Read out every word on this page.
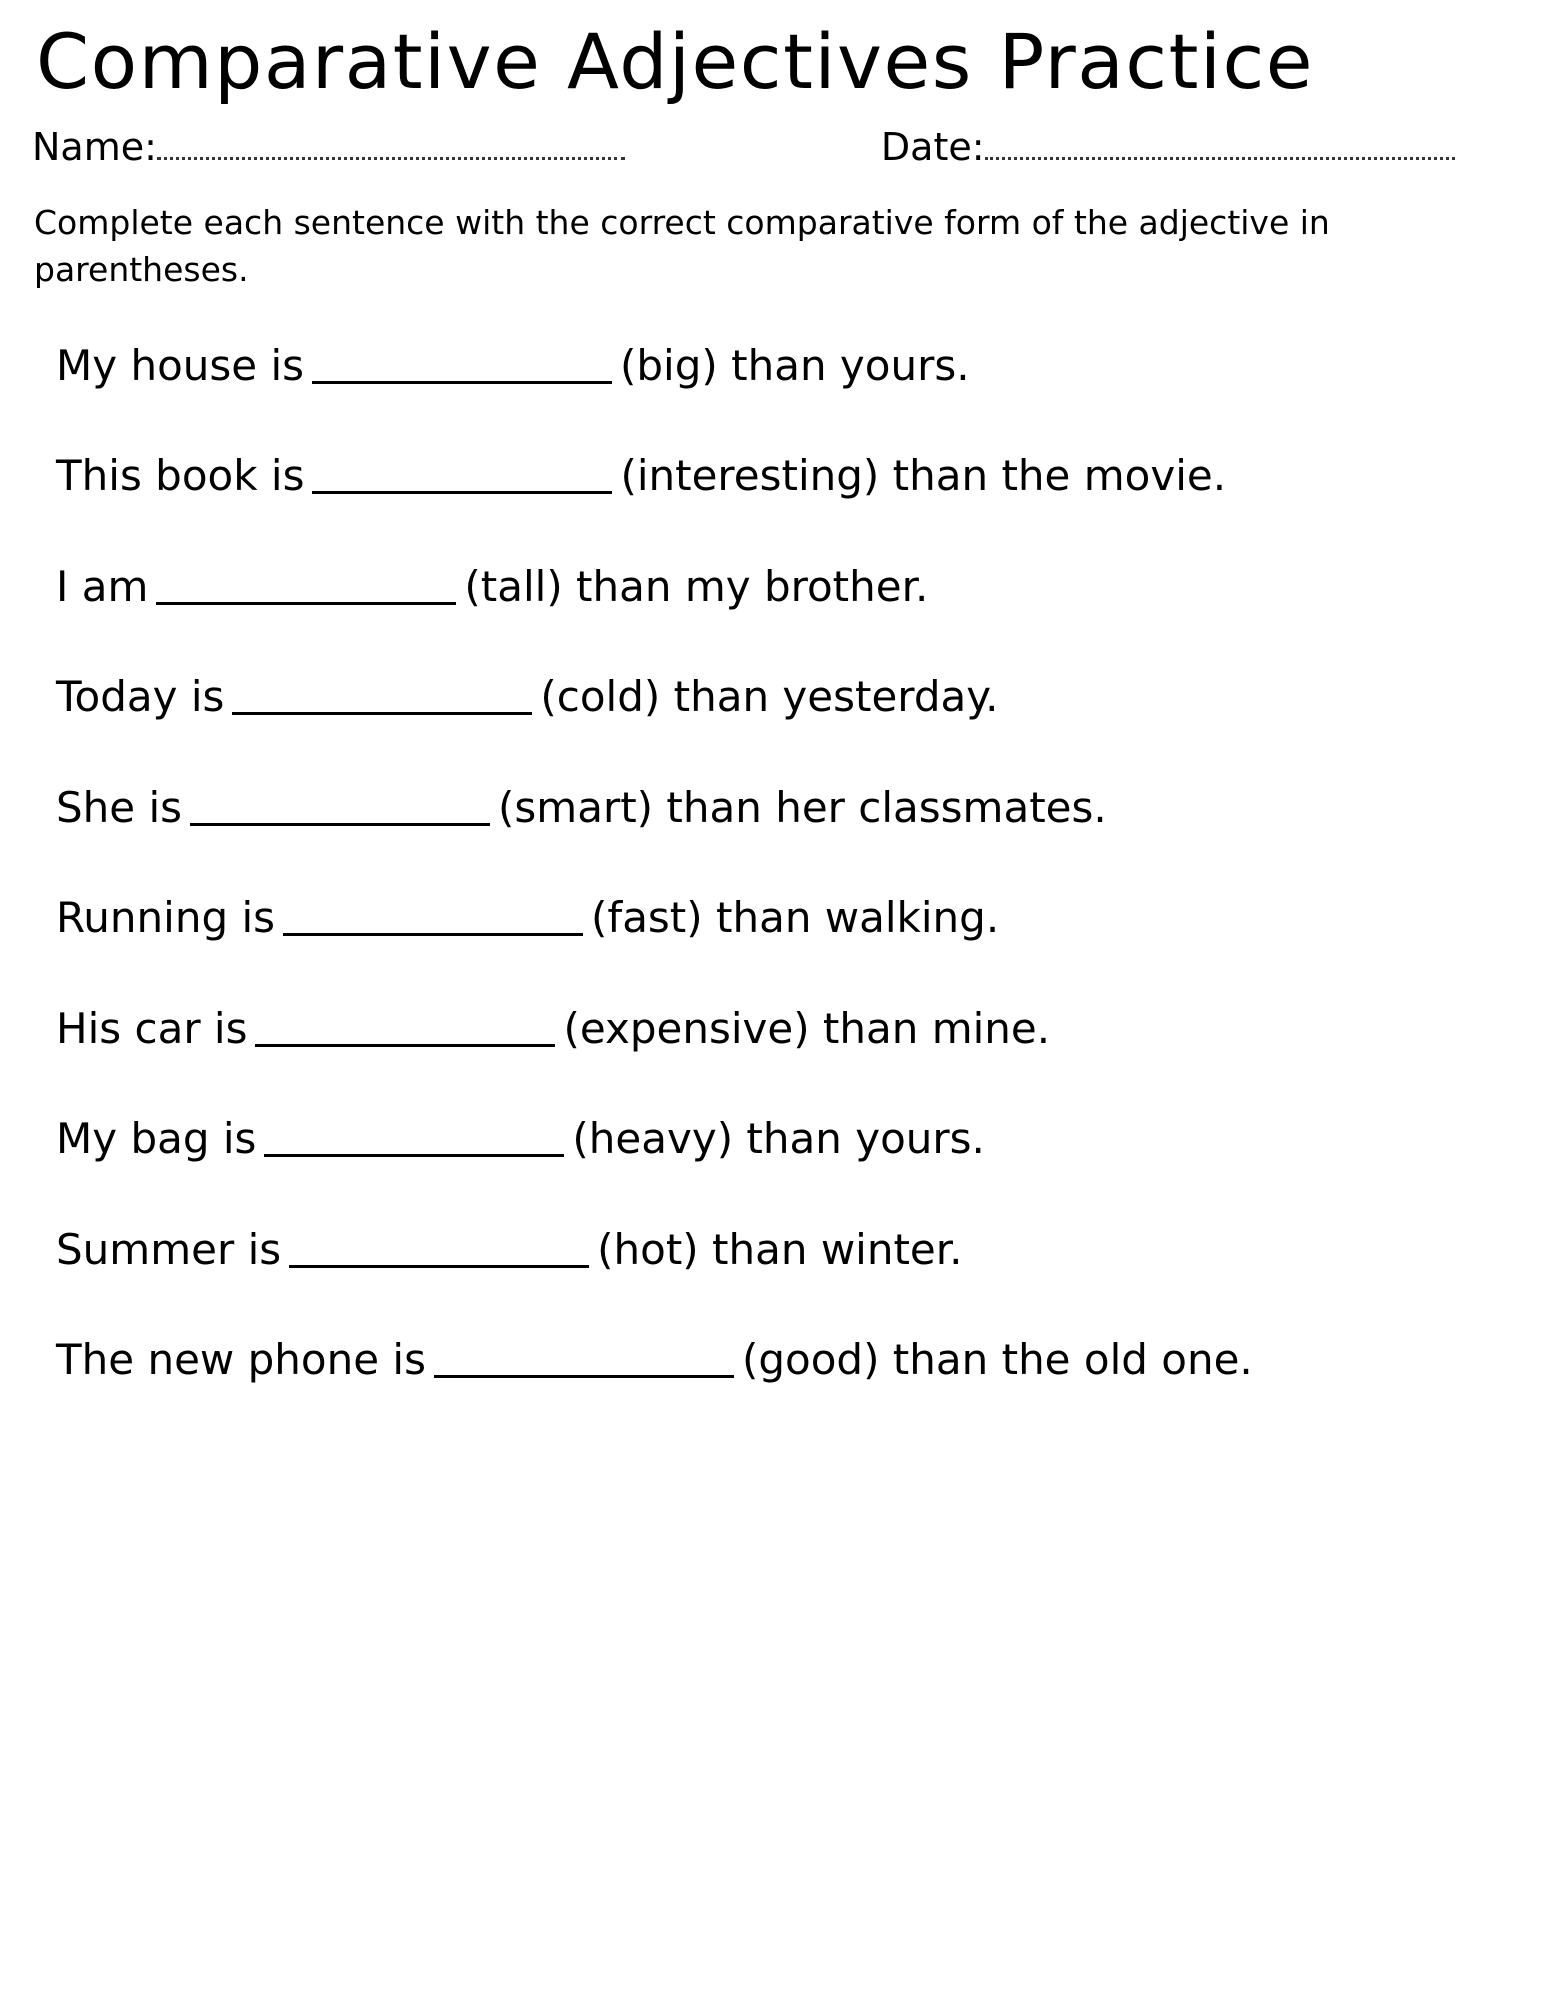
Comparative Adjectives Practice
Name:	Date:

Complete each sentence with the correct comparative form of the adjective in parentheses.

My house is	(big) than yours.
This book is	(interesting) than the movie.
I am	(tall) than my brother.
Today is	(cold) than yesterday.
She is	(smart) than her classmates.
Running is	(fast) than walking.
His car is	(expensive) than mine.
My bag is	(heavy) than yours.
Summer is	(hot) than winter.
The new phone is	(good) than the old one.
